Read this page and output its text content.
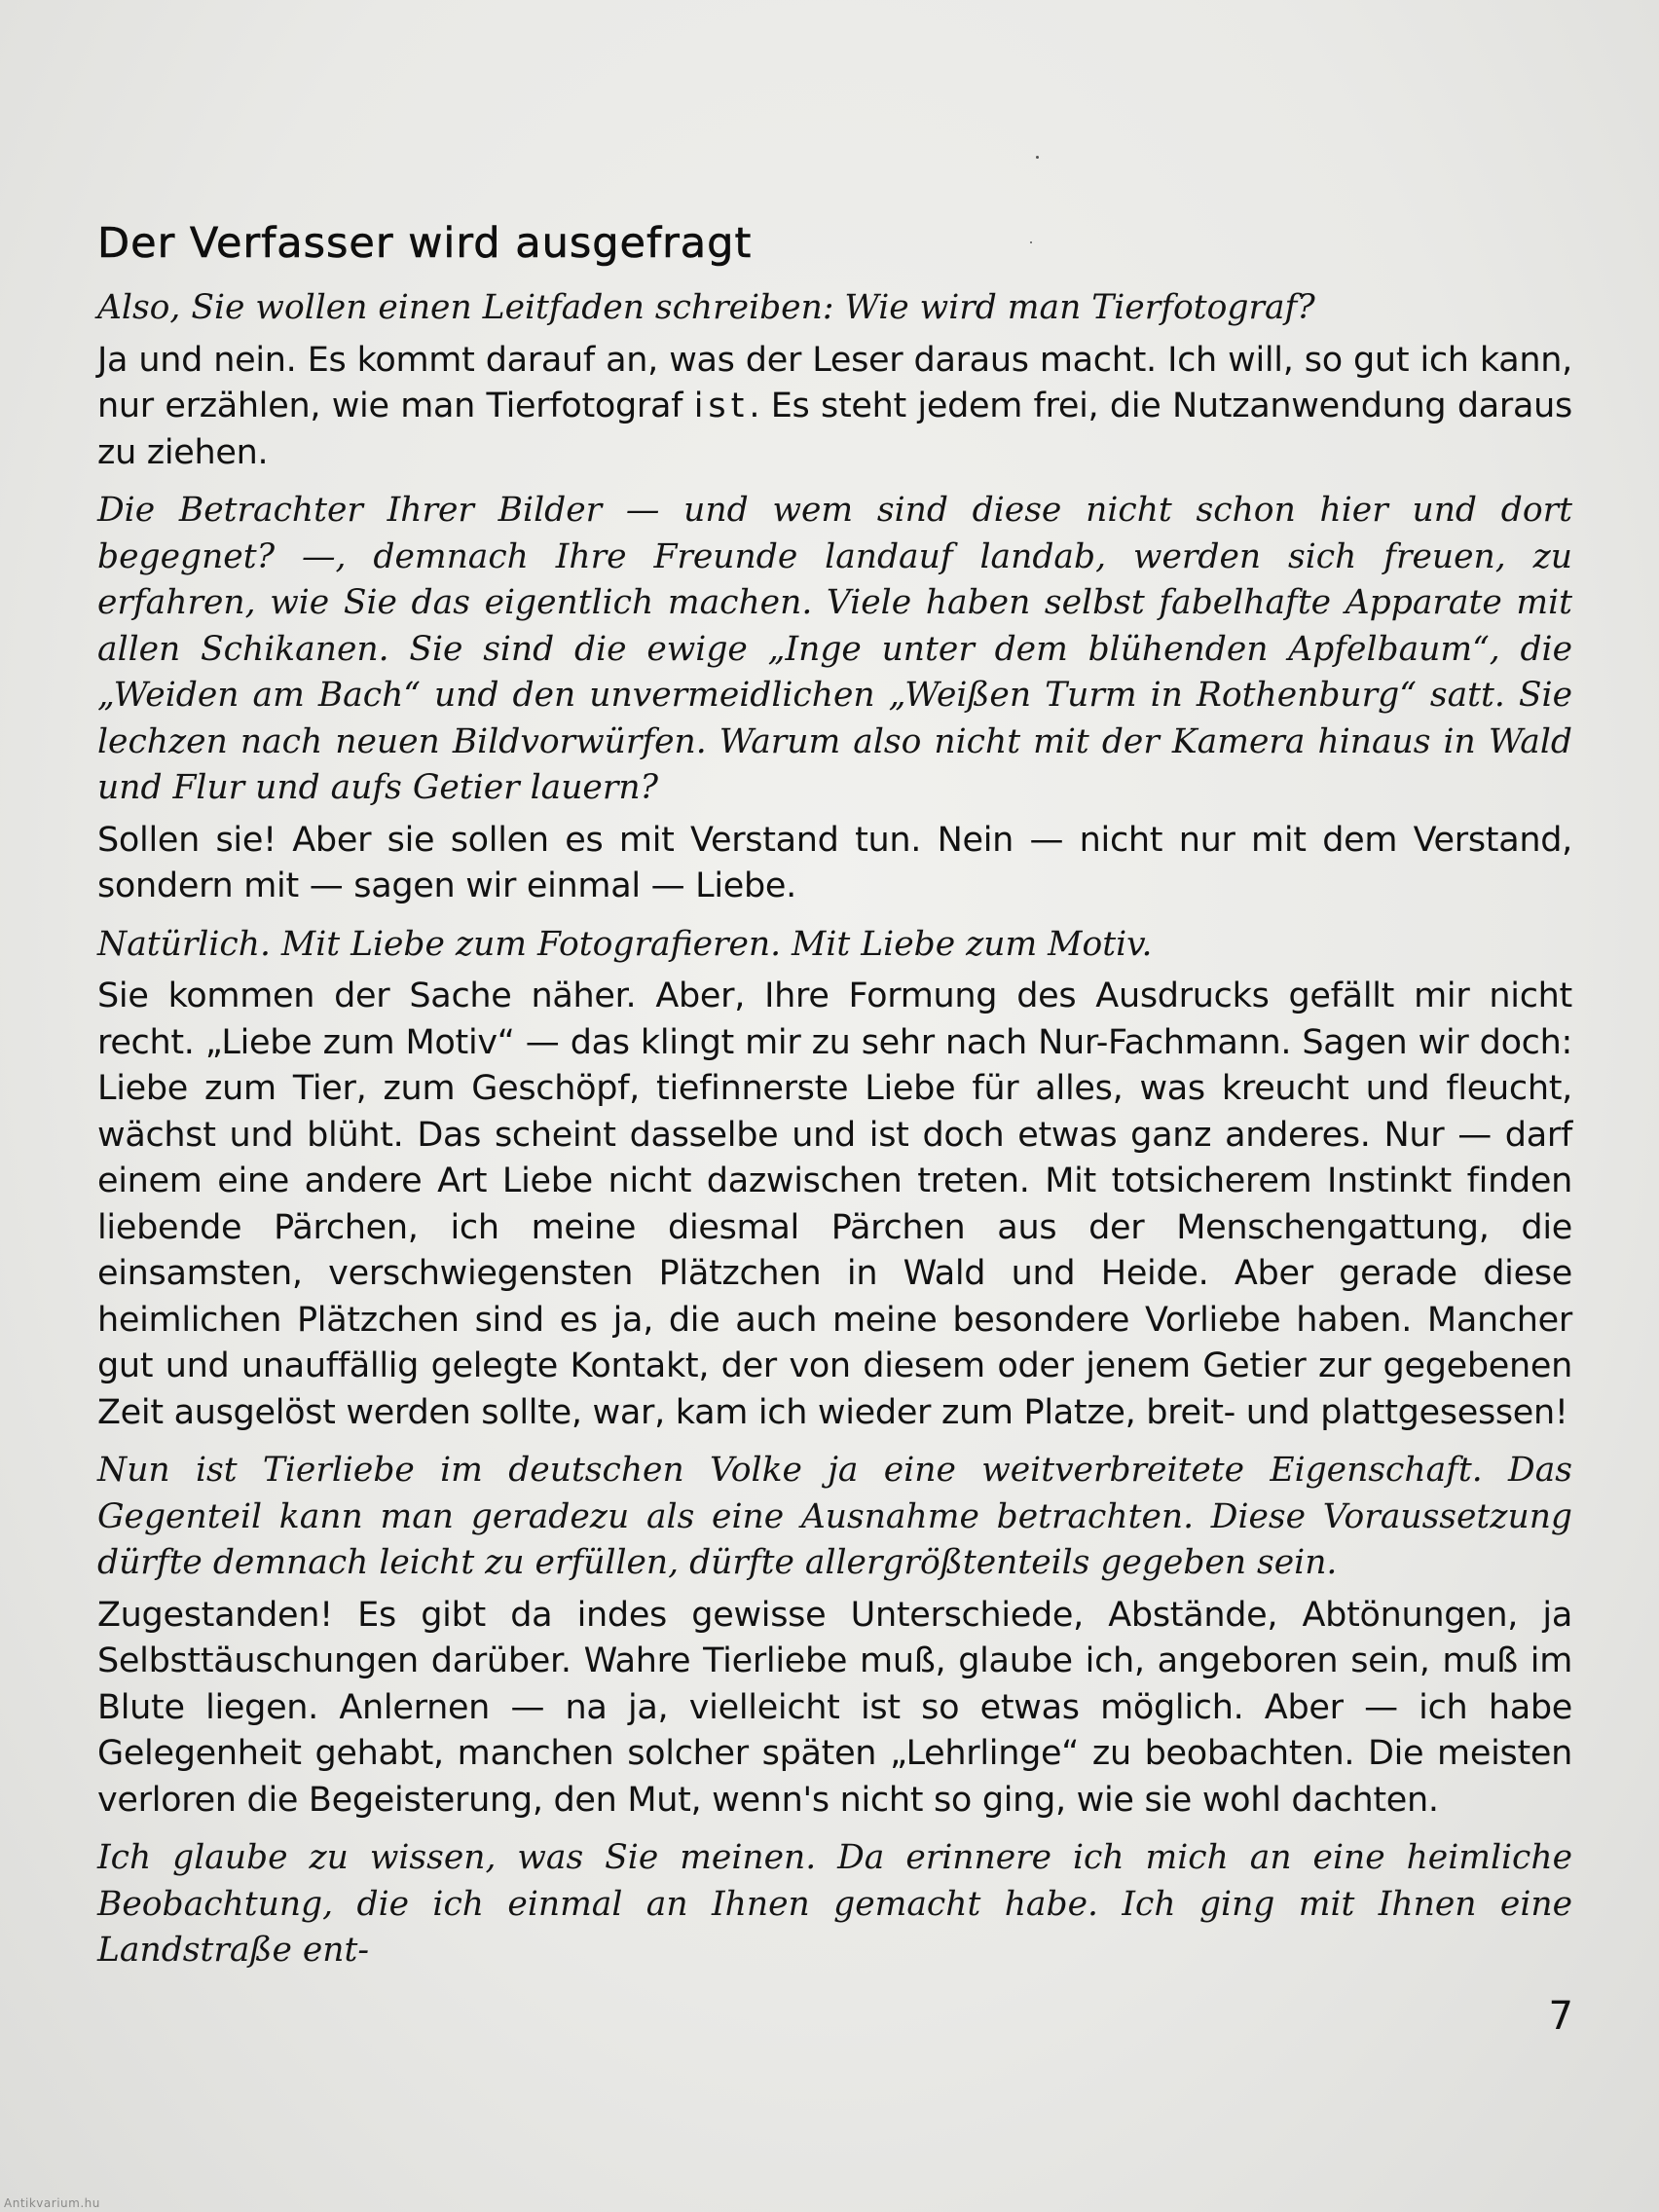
Der Verfasser wird ausgefragt

Also, Sie wollen einen Leitfaden schreiben: Wie wird man Tierfotograf?

Ja und nein. Es kommt darauf an, was der Leser daraus macht. Ich will, so gut ich kann, nur erzählen, wie man Tierfotograf ist. Es steht jedem frei, die Nutzanwendung daraus zu ziehen.

Die Betrachter Ihrer Bilder — und wem sind diese nicht schon hier und dort begegnet? —, demnach Ihre Freunde landauf landab, werden sich freuen, zu erfahren, wie Sie das eigentlich machen. Viele haben selbst fabelhafte Apparate mit allen Schikanen. Sie sind die ewige „Inge unter dem blühenden Apfelbaum“, die „Weiden am Bach“ und den unvermeidlichen „Weißen Turm in Rothenburg“ satt. Sie lechzen nach neuen Bildvorwürfen. Warum also nicht mit der Kamera hinaus in Wald und Flur und aufs Getier lauern?

Sollen sie! Aber sie sollen es mit Verstand tun. Nein — nicht nur mit dem Verstand, sondern mit — sagen wir einmal — Liebe.

Natürlich. Mit Liebe zum Fotografieren. Mit Liebe zum Motiv.

Sie kommen der Sache näher. Aber, Ihre Formung des Ausdrucks gefällt mir nicht recht. „Liebe zum Motiv“ — das klingt mir zu sehr nach Nur-Fachmann. Sagen wir doch: Liebe zum Tier, zum Geschöpf, tiefinnerste Liebe für alles, was kreucht und fleucht, wächst und blüht. Das scheint dasselbe und ist doch etwas ganz anderes. Nur — darf einem eine andere Art Liebe nicht dazwischen treten. Mit totsicherem Instinkt finden liebende Pärchen, ich meine diesmal Pärchen aus der Menschengattung, die einsamsten, verschwiegensten Plätzchen in Wald und Heide. Aber gerade diese heimlichen Plätzchen sind es ja, die auch meine besondere Vorliebe haben. Mancher gut und unauffällig gelegte Kontakt, der von diesem oder jenem Getier zur gegebenen Zeit ausgelöst werden sollte, war, kam ich wieder zum Platze, breit- und plattgesessen!

Nun ist Tierliebe im deutschen Volke ja eine weitverbreitete Eigenschaft. Das Gegenteil kann man geradezu als eine Ausnahme betrachten. Diese Voraussetzung dürfte demnach leicht zu erfüllen, dürfte allergrößtenteils gegeben sein.

Zugestanden! Es gibt da indes gewisse Unterschiede, Abstände, Abtönungen, ja Selbsttäuschungen darüber. Wahre Tierliebe muß, glaube ich, angeboren sein, muß im Blute liegen. Anlernen — na ja, vielleicht ist so etwas möglich. Aber — ich habe Gelegenheit gehabt, manchen solcher späten „Lehrlinge“ zu beobachten. Die meisten verloren die Begeisterung, den Mut, wenn's nicht so ging, wie sie wohl dachten.

Ich glaube zu wissen, was Sie meinen. Da erinnere ich mich an eine heimliche Beobachtung, die ich einmal an Ihnen gemacht habe. Ich ging mit Ihnen eine Landstraße ent-

7
Antikvarium.hu
